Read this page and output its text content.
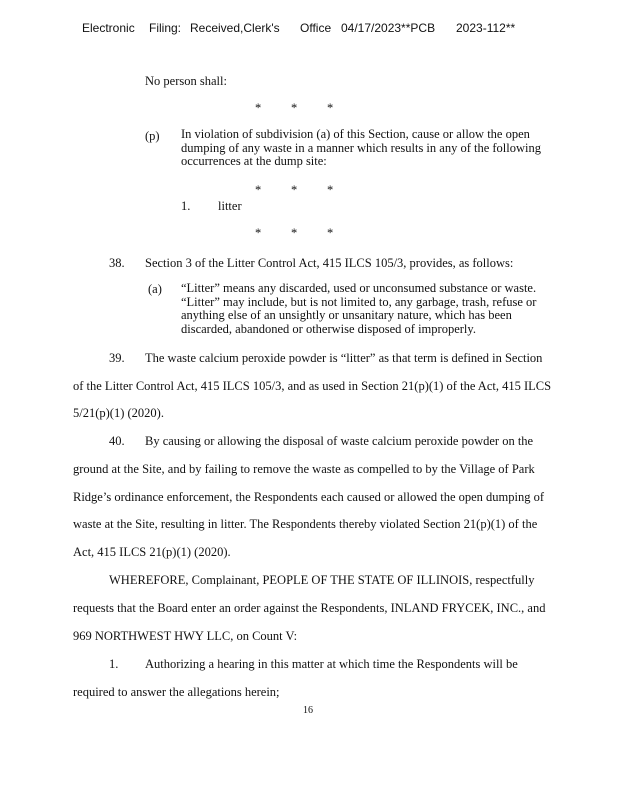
Electronic Filing: Received,Clerk's Office 04/17/2023**PCB 2023-112**
No person shall:
* * *
(p) In violation of subdivision (a) of this Section, cause or allow the open dumping of any waste in a manner which results in any of the following occurrences at the dump site:
* * *
1. litter
* * *
38. Section 3 of the Litter Control Act, 415 ILCS 105/3, provides, as follows:
(a) “Litter” means any discarded, used or unconsumed substance or waste. “Litter” may include, but is not limited to, any garbage, trash, refuse or anything else of an unsightly or unsanitary nature, which has been discarded, abandoned or otherwise disposed of improperly.
39. The waste calcium peroxide powder is “litter” as that term is defined in Section
of the Litter Control Act, 415 ILCS 105/3, and as used in Section 21(p)(1) of the Act, 415 ILCS
5/21(p)(1) (2020).
40. By causing or allowing the disposal of waste calcium peroxide powder on the
ground at the Site, and by failing to remove the waste as compelled to by the Village of Park
Ridge’s ordinance enforcement, the Respondents each caused or allowed the open dumping of
waste at the Site, resulting in litter. The Respondents thereby violated Section 21(p)(1) of the
Act, 415 ILCS 21(p)(1) (2020).
WHEREFORE, Complainant, PEOPLE OF THE STATE OF ILLINOIS, respectfully
requests that the Board enter an order against the Respondents, INLAND FRYCEK, INC., and
969 NORTHWEST HWY LLC, on Count V:
1. Authorizing a hearing in this matter at which time the Respondents will be
required to answer the allegations herein;
16
